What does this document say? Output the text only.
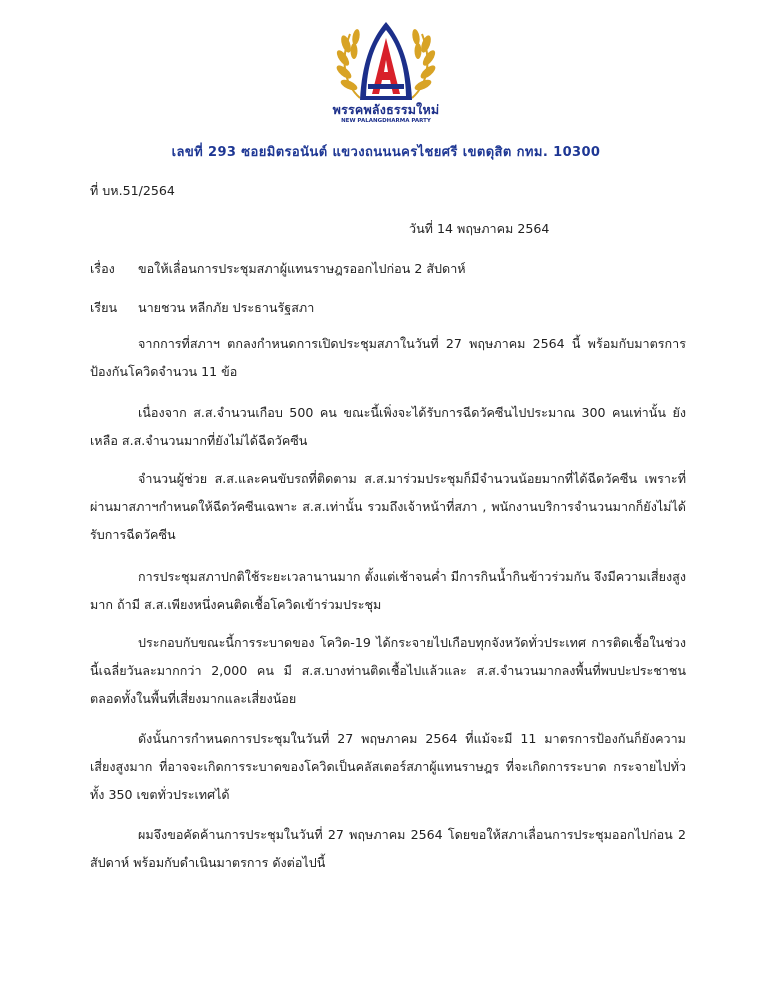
พรรคพลังธรรมใหม่
NEW PALANGDHARMA PARTY
เลขที่ 293 ซอยมิตรอนันต์ แขวงถนนนครไชยศรี เขตดุสิต กทม. 10300
ที่ บห.51/2564
วันที่ 14 พฤษภาคม 2564
เรื่อง ขอให้เลื่อนการประชุมสภาผู้แทนราษฎรออกไปก่อน 2 สัปดาห์
เรียน นายชวน หลีกภัย ประธานรัฐสภา
จากการที่สภาฯ ตกลงกำหนดการเปิดประชุมสภาในวันที่ 27 พฤษภาคม 2564 นี้ พร้อมกับมาตรการป้องกันโควิดจำนวน 11 ข้อ
เนื่องจาก ส.ส.จำนวนเกือบ 500 คน ขณะนี้เพิ่งจะได้รับการฉีดวัคซีนไปประมาณ 300 คนเท่านั้น ยังเหลือ ส.ส.จำนวนมากที่ยังไม่ได้ฉีดวัคซีน
จำนวนผู้ช่วย ส.ส.และคนขับรถที่ติดตาม ส.ส.มาร่วมประชุมก็มีจำนวนน้อยมากที่ได้ฉีดวัคซีน เพราะที่ผ่านมาสภาฯกำหนดให้ฉีดวัคซีนเฉพาะ ส.ส.เท่านั้น รวมถึงเจ้าหน้าที่สภา , พนักงานบริการจำนวนมากก็ยังไม่ได้รับการฉีดวัคซีน
การประชุมสภาปกติใช้ระยะเวลานานมาก ตั้งแต่เช้าจนค่ำ มีการกินน้ำกินข้าวร่วมกัน จึงมีความเสี่ยงสูงมาก ถ้ามี ส.ส.เพียงหนึ่งคนติดเชื้อโควิดเข้าร่วมประชุม
ประกอบกับขณะนี้การระบาดของ โควิด-19 ได้กระจายไปเกือบทุกจังหวัดทั่วประเทศ การติดเชื้อในช่วงนี้เฉลี่ยวันละมากกว่า 2,000 คน มี ส.ส.บางท่านติดเชื้อไปแล้วและ ส.ส.จำนวนมากลงพื้นที่พบปะประชาชนตลอดทั้งในพื้นที่เสี่ยงมากและเสี่ยงน้อย
ดังนั้นการกำหนดการประชุมในวันที่ 27 พฤษภาคม 2564 ที่แม้จะมี 11 มาตรการป้องกันก็ยังความเสี่ยงสูงมาก ที่อาจจะเกิดการระบาดของโควิดเป็นคลัสเตอร์สภาผู้แทนราษฎร ที่จะเกิดการระบาด กระจายไปทั่วทั้ง 350 เขตทั่วประเทศได้
ผมจึงขอคัดค้านการประชุมในวันที่ 27 พฤษภาคม 2564 โดยขอให้สภาเลื่อนการประชุมออกไปก่อน 2 สัปดาห์ พร้อมกับดำเนินมาตรการ ดังต่อไปนี้
